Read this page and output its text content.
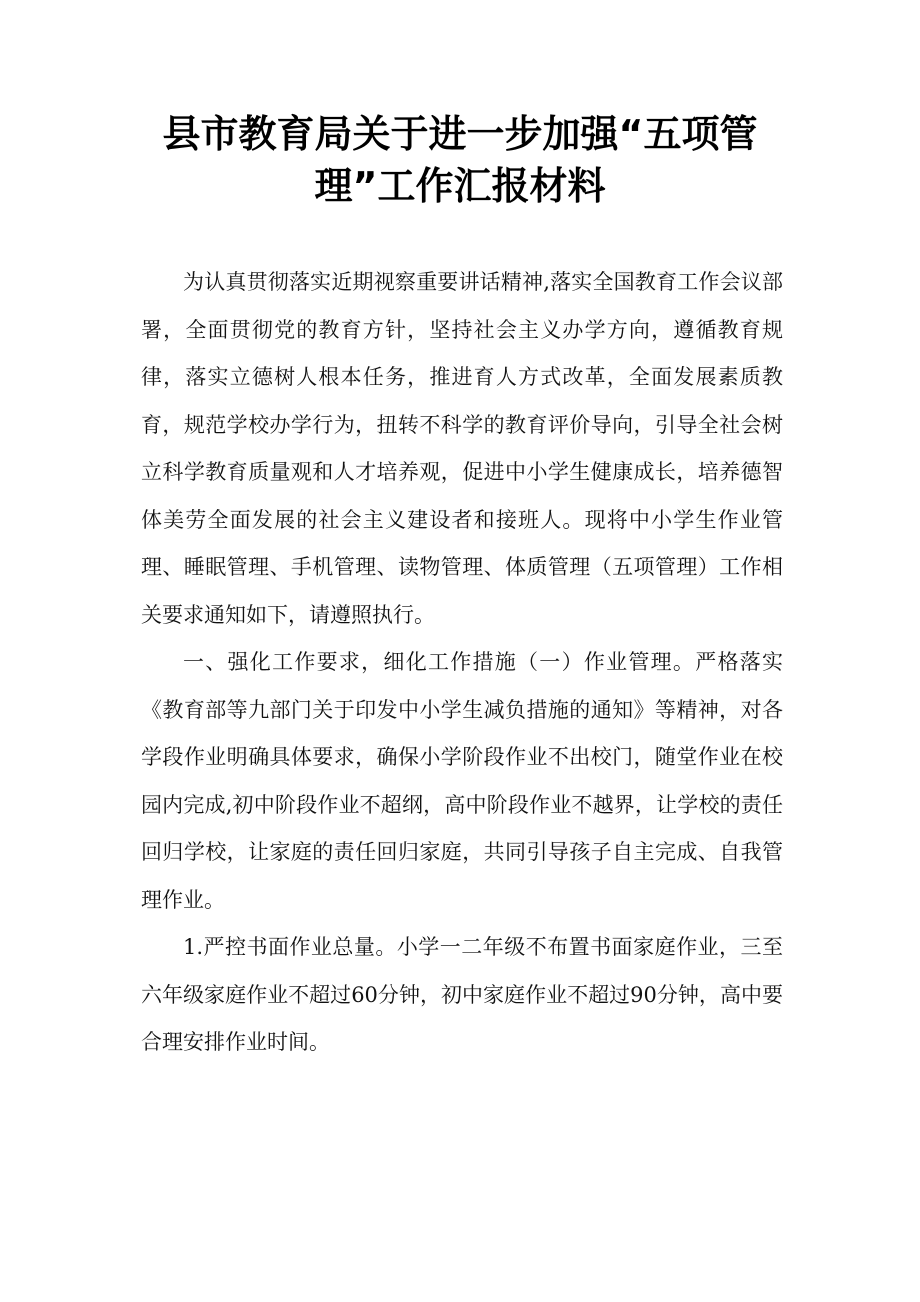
县市教育局关于进一步加强“五项管理”工作汇报材料

为认真贯彻落实近期视察重要讲话精神,落实全国教育工作会议部署，全面贯彻党的教育方针，坚持社会主义办学方向，遵循教育规律，落实立德树人根本任务，推进育人方式改革，全面发展素质教育，规范学校办学行为，扭转不科学的教育评价导向，引导全社会树立科学教育质量观和人才培养观，促进中小学生健康成长，培养德智体美劳全面发展的社会主义建设者和接班人。现将中小学生作业管理、睡眠管理、手机管理、读物管理、体质管理（五项管理）工作相关要求通知如下，请遵照执行。

一、强化工作要求，细化工作措施（一）作业管理。严格落实《教育部等九部门关于印发中小学生减负措施的通知》等精神，对各学段作业明确具体要求，确保小学阶段作业不出校门，随堂作业在校园内完成,初中阶段作业不超纲，高中阶段作业不越界，让学校的责任回归学校，让家庭的责任回归家庭，共同引导孩子自主完成、自我管理作业。

1.严控书面作业总量。小学一二年级不布置书面家庭作业，三至六年级家庭作业不超过60分钟，初中家庭作业不超过90分钟，高中要合理安排作业时间。
